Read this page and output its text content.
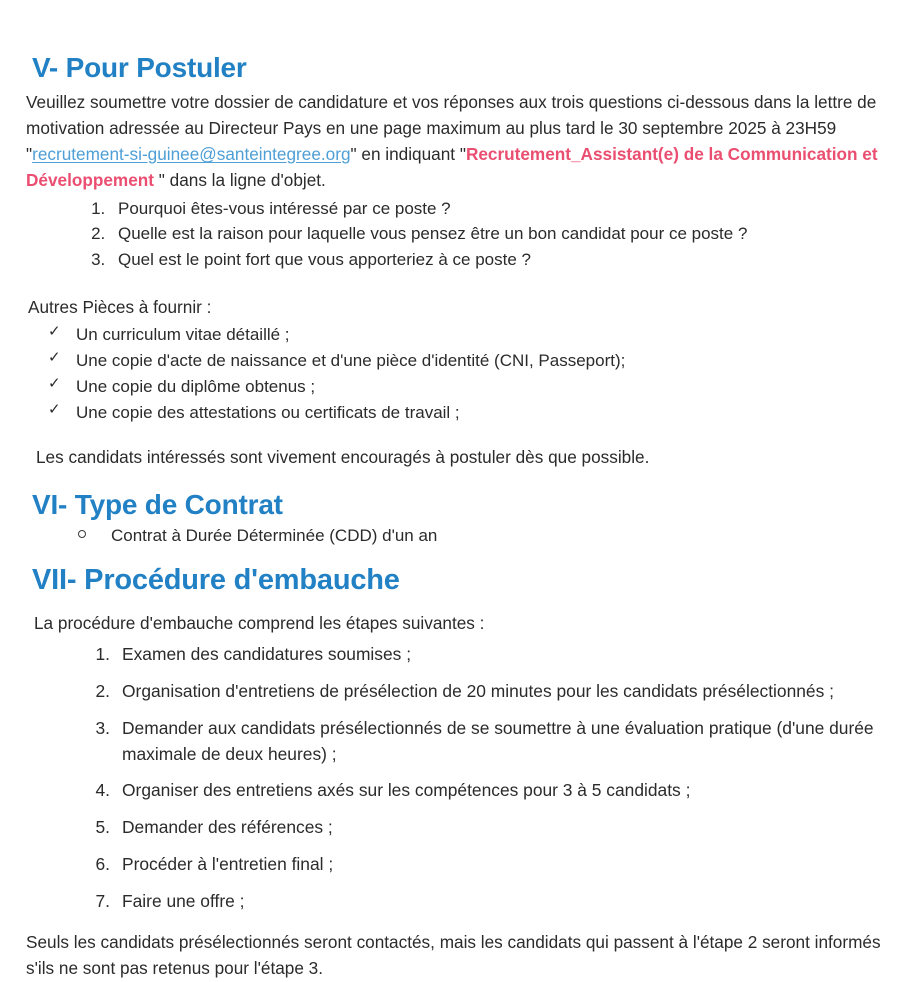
V- Pour Postuler

Veuillez soumettre votre dossier de candidature et vos réponses aux trois questions ci-dessous dans la lettre de motivation adressée au Directeur Pays en une page maximum au plus tard le 30 septembre 2025 à 23H59 "recrutement-si-guinee@santeintegree.org" en indiquant "Recrutement_Assistant(e) de la Communication et Développement " dans la ligne d'objet.

1. Pourquoi êtes-vous intéressé par ce poste ?
2. Quelle est la raison pour laquelle vous pensez être un bon candidat pour ce poste ?
3. Quel est le point fort que vous apporteriez à ce poste ?

Autres Pièces à fournir :

✓ Un curriculum vitae détaillé ;
✓ Une copie d'acte de naissance et d'une pièce d'identité (CNI, Passeport);
✓ Une copie du diplôme obtenus ;
✓ Une copie des attestations ou certificats de travail ;

Les candidats intéressés sont vivement encouragés à postuler dès que possible.

VI- Type de Contrat
Contrat à Durée Déterminée (CDD) d'un an
VII- Procédure d'embauche

La procédure d'embauche comprend les étapes suivantes :

1. Examen des candidatures soumises ;
2. Organisation d'entretiens de présélection de 20 minutes pour les candidats présélectionnés ;
3. Demander aux candidats présélectionnés de se soumettre à une évaluation pratique (d'une durée maximale de deux heures) ;
4. Organiser des entretiens axés sur les compétences pour 3 à 5 candidats ;
5. Demander des références ;
6. Procéder à l'entretien final ;
7. Faire une offre ;

Seuls les candidats présélectionnés seront contactés, mais les candidats qui passent à l'étape 2 seront informés s'ils ne sont pas retenus pour l'étape 3.
